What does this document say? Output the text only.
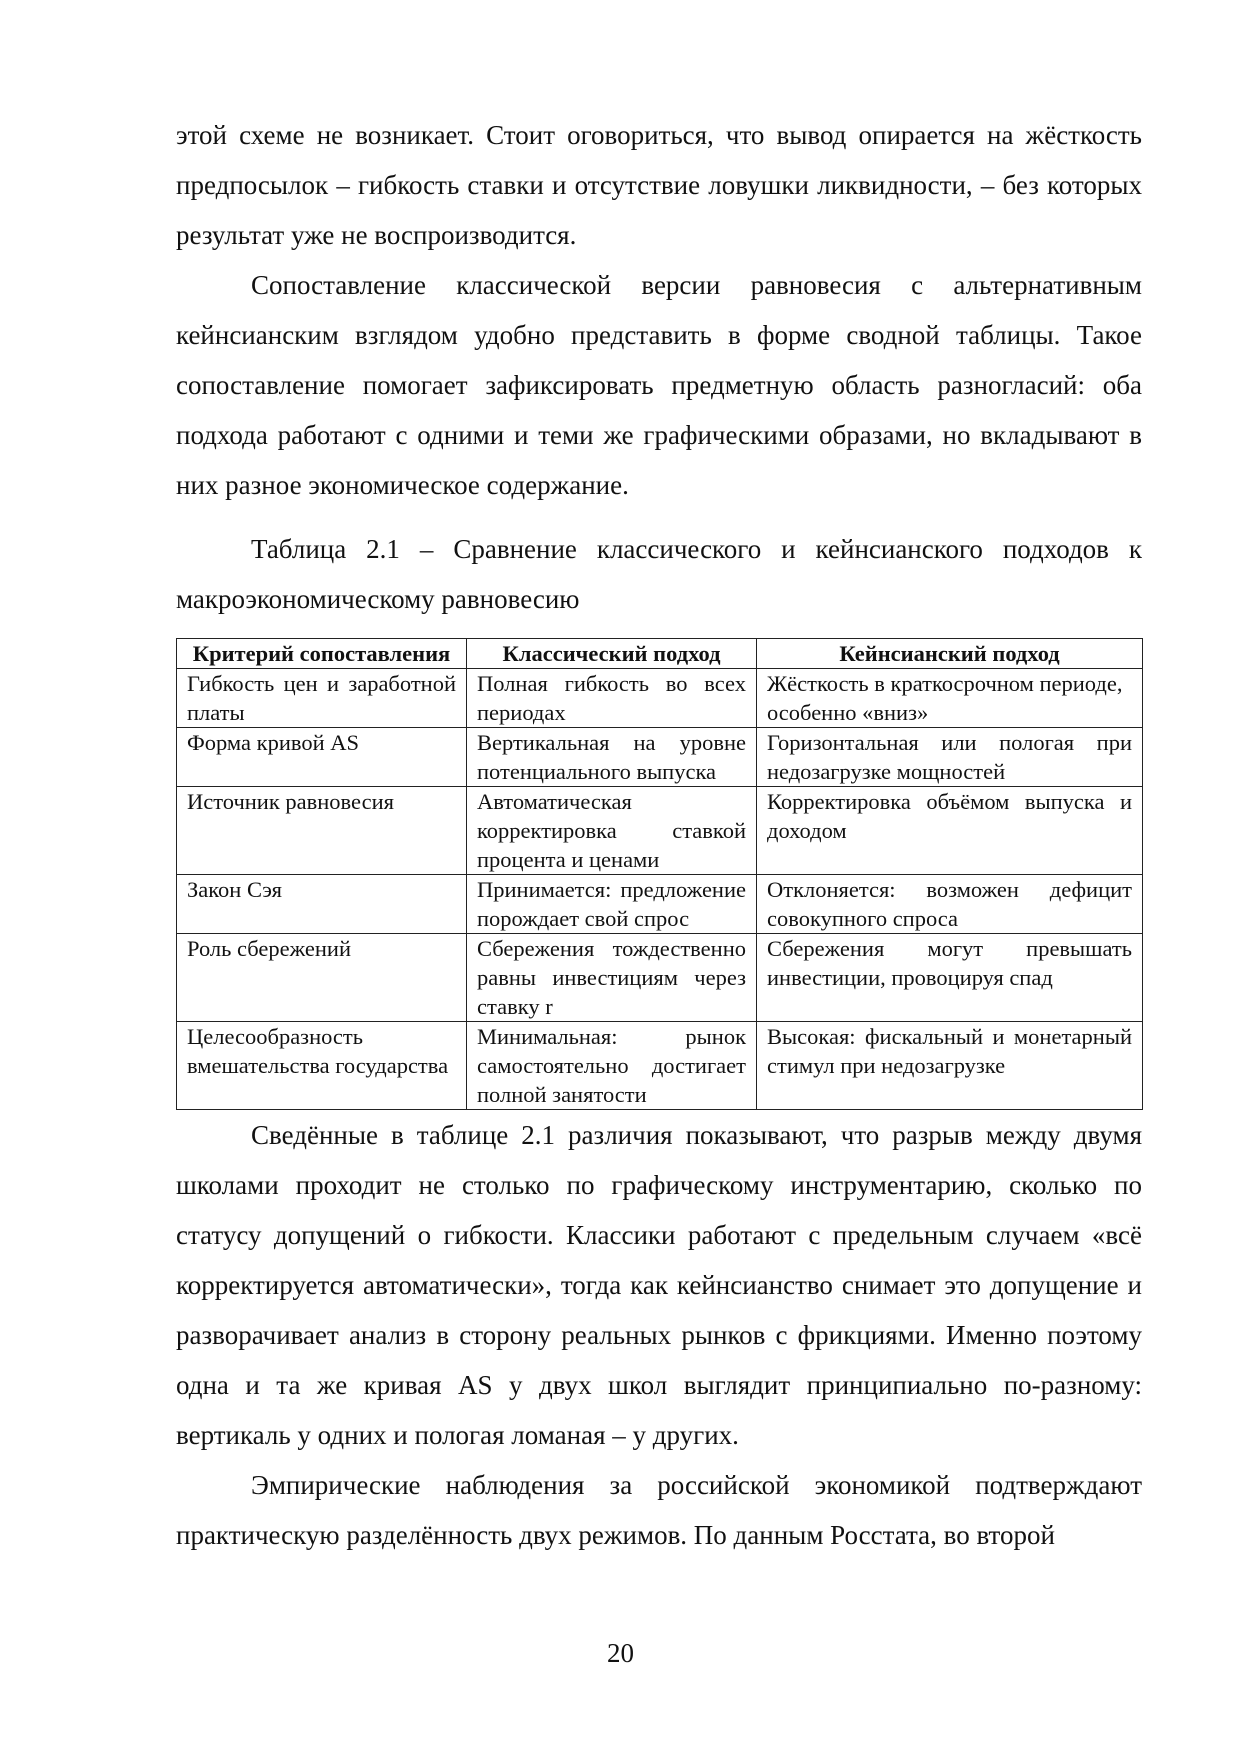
этой схеме не возникает. Стоит оговориться, что вывод опирается на жёсткость предпосылок – гибкость ставки и отсутствие ловушки ликвидности, – без которых результат уже не воспроизводится.

Сопоставление классической версии равновесия с альтернативным кейнсианским взглядом удобно представить в форме сводной таблицы. Такое сопоставление помогает зафиксировать предметную область разногласий: оба подхода работают с одними и теми же графическими образами, но вкладывают в них разное экономическое содержание.

Таблица 2.1 – Сравнение классического и кейнсианского подходов к макроэкономическому равновесию

Критерий сопоставления	Классический подход	Кейнсианский подход
Гибкость цен и заработной платы	Полная гибкость во всех периодах	Жёсткость в краткосрочном периоде, особенно «вниз»
Форма кривой AS	Вертикальная на уровне потенциального выпуска	Горизонтальная или пологая при недозагрузке мощностей
Источник равновесия	Автоматическая корректировка ставкой процента и ценами	Корректировка объёмом выпуска и доходом
Закон Сэя	Принимается: предложение порождает свой спрос	Отклоняется: возможен дефицит совокупного спроса
Роль сбережений	Сбережения тождественно равны инвестициям через ставку r	Сбережения могут превышать инвестиции, провоцируя спад
Целесообразность вмешательства государства	Минимальная: рынок самостоятельно достигает полной занятости	Высокая: фискальный и монетарный стимул при недозагрузке

Сведённые в таблице 2.1 различия показывают, что разрыв между двумя школами проходит не столько по графическому инструментарию, сколько по статусу допущений о гибкости. Классики работают с предельным случаем «всё корректируется автоматически», тогда как кейнсианство снимает это допущение и разворачивает анализ в сторону реальных рынков с фрикциями. Именно поэтому одна и та же кривая AS у двух школ выглядит принципиально по-разному: вертикаль у одних и пологая ломаная – у других.

Эмпирические наблюдения за российской экономикой подтверждают практическую разделённость двух режимов. По данным Росстата, во второй

20
